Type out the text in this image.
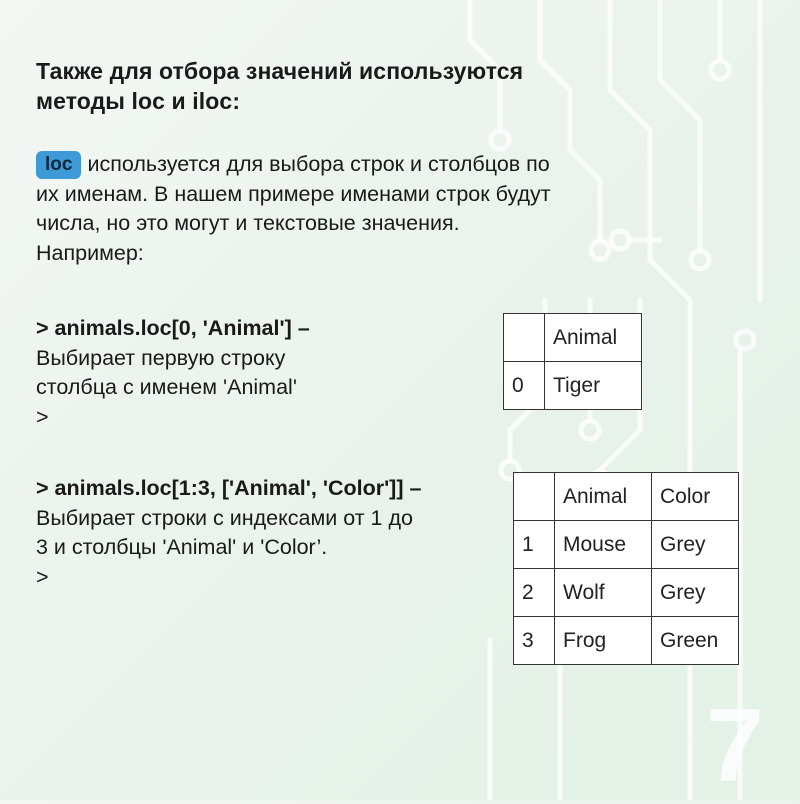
Также для отбора значений используются
методы loc и iloc:
loc используется для выбора строк и столбцов по
их именам. В нашем примере именами строк будут
числа, но это могут и текстовые значения.
Например:
> animals.loc[0, 'Animal'] –
Выбирает первую строку
столбца с именем 'Animal'
>
	Animal
0	Tiger
> animals.loc[1:3, ['Animal', 'Color']] –
Выбирает строки с индексами от 1 до
3 и столбцы 'Animal' и 'Color’.
>
	Animal	Color
1	Mouse	Grey
2	Wolf	Grey
3	Frog	Green
7
